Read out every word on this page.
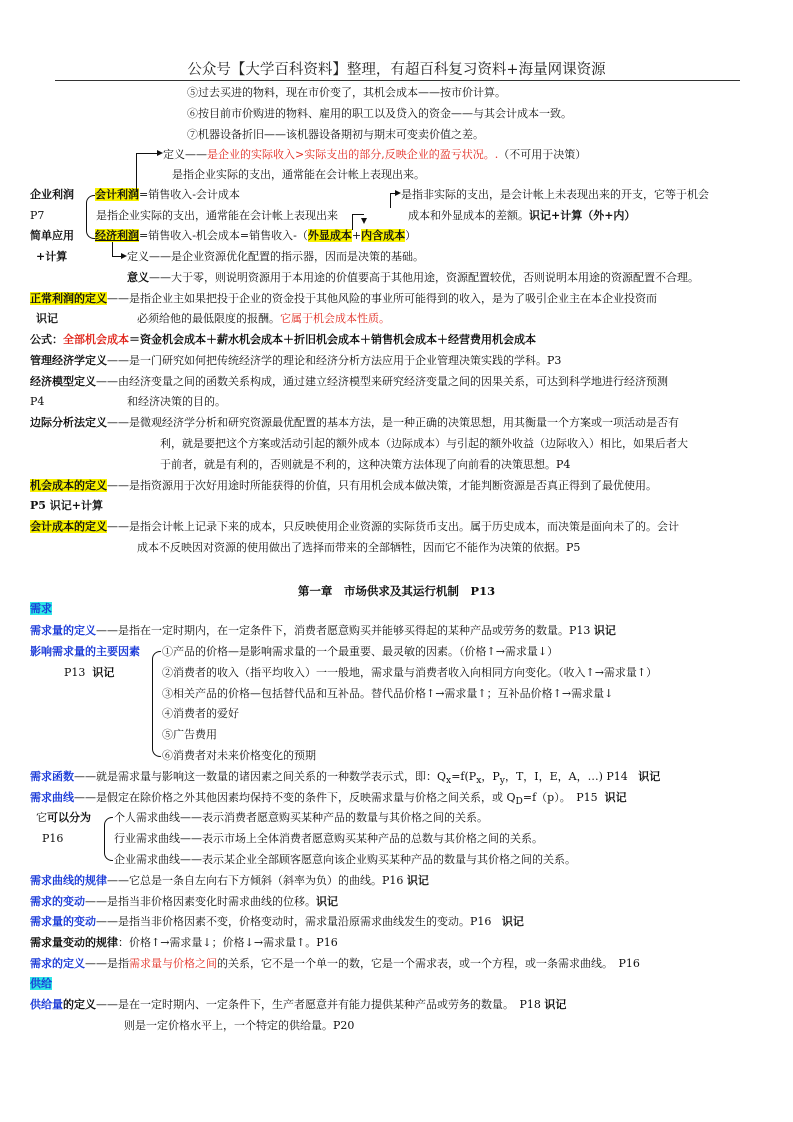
公众号【大学百科资料】整理，有超百科复习资料+海量网课资源
⑤过去买进的物料，现在市价变了，其机会成本——按市价计算。
⑥按目前市价购进的物料、雇用的职工以及贷入的资金——与其会计成本一致。
⑦机器设备折旧——该机器设备期初与期末可变卖价值之差。
定义——是企业的实际收入>实际支出的部分,反映企业的盈亏状况。.（不可用于决策）
是指企业实际的支出，通常能在会计帐上表现出来。
企业利润 会计利润=销售收入-会计成本	是指非实际的支出，是会计帐上未表现出来的开支，它等于机会
P7	是指企业实际的支出，通常能在会计帐上表现出来	成本和外显成本的差额。识记+计算（外+内）
简单应用 经济利润=销售收入-机会成本=销售收入-（外显成本+内含成本）
+计算	定义——是企业资源优化配置的指示器，因而是决策的基础。
意义——大于零，则说明资源用于本用途的价值要高于其他用途，资源配置较优，否则说明本用途的资源配置不合理。
正常利润的定义——是指企业主如果把投于企业的资金投于其他风险的事业所可能得到的收入，是为了吸引企业主在本企业投资而
识记	必须给他的最低限度的报酬。它属于机会成本性质。
公式：全部机会成本＝资金机会成本＋薪水机会成本＋折旧机会成本＋销售机会成本＋经营费用机会成本
管理经济学定义——是一门研究如何把传统经济学的理论和经济分析方法应用于企业管理决策实践的学科。P3
经济模型定义——由经济变量之间的函数关系构成，通过建立经济模型来研究经济变量之间的因果关系，可达到科学地进行经济预测
P4	和经济决策的目的。
边际分析法定义——是微观经济学分析和研究资源最优配置的基本方法，是一种正确的决策思想，用其衡量一个方案或一项活动是否有
利，就是要把这个方案或活动引起的额外成本（边际成本）与引起的额外收益（边际收入）相比，如果后者大
于前者，就是有利的，否则就是不利的，这种决策方法体现了向前看的决策思想。P4
机会成本的定义——是指资源用于次好用途时所能获得的价值，只有用机会成本做决策，才能判断资源是否真正得到了最优使用。
P5 识记+计算
会计成本的定义——是指会计帐上记录下来的成本，只反映使用企业资源的实际货币支出。属于历史成本，而决策是面向未了的。会计
成本不反映因对资源的使用做出了选择而带来的全部牺牲，因而它不能作为决策的依据。P5
第一章　市场供求及其运行机制　P13
需求
需求量的定义——是指在一定时期内，在一定条件下，消费者愿意购买并能够买得起的某种产品或劳务的数量。P13 识记
影响需求量的主要因素 ①产品的价格—是影响需求量的一个最重要、最灵敏的因素。（价格↑→需求量↓）
P13 识记	②消费者的收入（指平均收入）一一般地，需求量与消费者收入向相同方向变化。（收入↑→需求量↑）
③相关产品的价格—包括替代品和互补品。替代品价格↑→需求量↑；互补品价格↑→需求量↓
④消费者的爱好
⑤广告费用
⑥消费者对未来价格变化的预期
需求函数——就是需求量与影响这一数量的诸因素之间关系的一种数学表示式，即：$Q_x=f(P_x$，$P_y$，T，I，E，A，…) P14 识记
需求曲线——是假定在除价格之外其他因素均保持不变的条件下，反映需求量与价格之间关系，或 $Q_D=f(p)$。　P15 识记
它可以分为 个人需求曲线——表示消费者愿意购买某种产品的数量与其价格之间的关系。
P16	行业需求曲线——表示市场上全体消费者愿意购买某种产品的总数与其价格之间的关系。
企业需求曲线——表示某企业全部顾客愿意向该企业购买某种产品的数量与其价格之间的关系。
需求曲线的规律——它总是一条自左向右下方倾斜（斜率为负）的曲线。P16 识记
需求的变动——是指当非价格因素变化时需求曲线的位移。识记
需求量的变动——是指当非价格因素不变，价格变动时，需求量沿原需求曲线发生的变动。P16 识记
需求量变动的规律：价格↑→需求量↓；价格↓→需求量↑。P16
需求的定义——是指需求量与价格之间的关系，它不是一个单一的数，它是一个需求表，或一个方程，或一条需求曲线。　P16
供给
供给量的定义——是在一定时期内、一定条件下，生产者愿意并有能力提供某种产品或劳务的数量。　P18 识记
则是一定价格水平上，一个特定的供给量。P20
